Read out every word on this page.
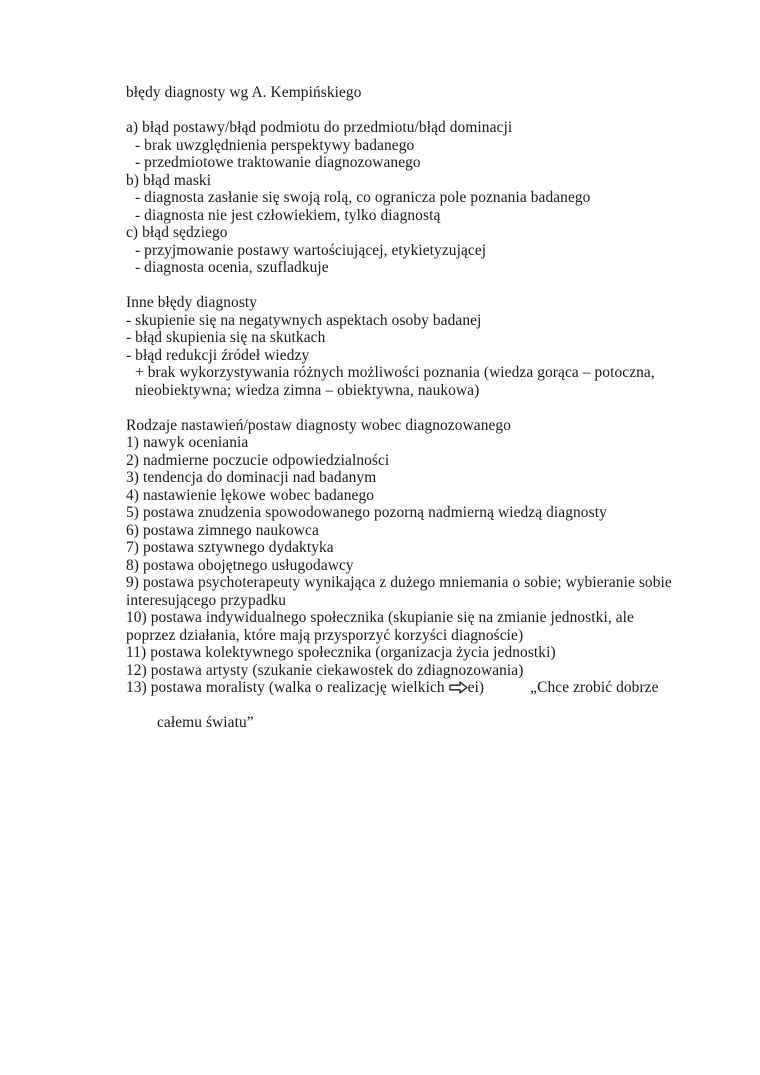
błędy diagnosty wg A. Kempińskiego

a) błąd postawy/błąd podmiotu do przedmiotu/błąd dominacji
- brak uwzględnienia perspektywy badanego
- przedmiotowe traktowanie diagnozowanego
b) błąd maski
- diagnosta zasłanie się swoją rolą, co ogranicza pole poznania badanego
- diagnosta nie jest człowiekiem, tylko diagnostą
c) błąd sędziego
- przyjmowanie postawy wartościującej, etykietyzującej
- diagnosta ocenia, szufladkuje

Inne błędy diagnosty
- skupienie się na negatywnych aspektach osoby badanej
- błąd skupienia się na skutkach
- błąd redukcji źródeł wiedzy
+ brak wykorzystywania różnych możliwości poznania (wiedza gorąca – potoczna,
nieobiektywna; wiedza zimna – obiektywna, naukowa)

Rodzaje nastawień/postaw diagnosty wobec diagnozowanego
1) nawyk oceniania
2) nadmierne poczucie odpowiedzialności
3) tendencja do dominacji nad badanym
4) nastawienie lękowe wobec badanego
5) postawa znudzenia spowodowanego pozorną nadmierną wiedzą diagnosty
6) postawa zimnego naukowca
7) postawa sztywnego dydaktyka
8) postawa obojętnego usługodawcy
9) postawa psychoterapeuty wynikająca z dużego mniemania o sobie; wybieranie sobie
interesującego przypadku
10) postawa indywidualnego społecznika (skupianie się na zmianie jednostki, ale
poprzez działania, które mają przysporzyć korzyści diagnoście)
11) postawa kolektywnego społecznika (organizacja życia jednostki)
12) postawa artysty (szukanie ciekawostek do zdiagnozowania)
13) postawa moralisty (walka o realizację wielkich ei)	„Chce zrobić dobrze

całemu światu”
